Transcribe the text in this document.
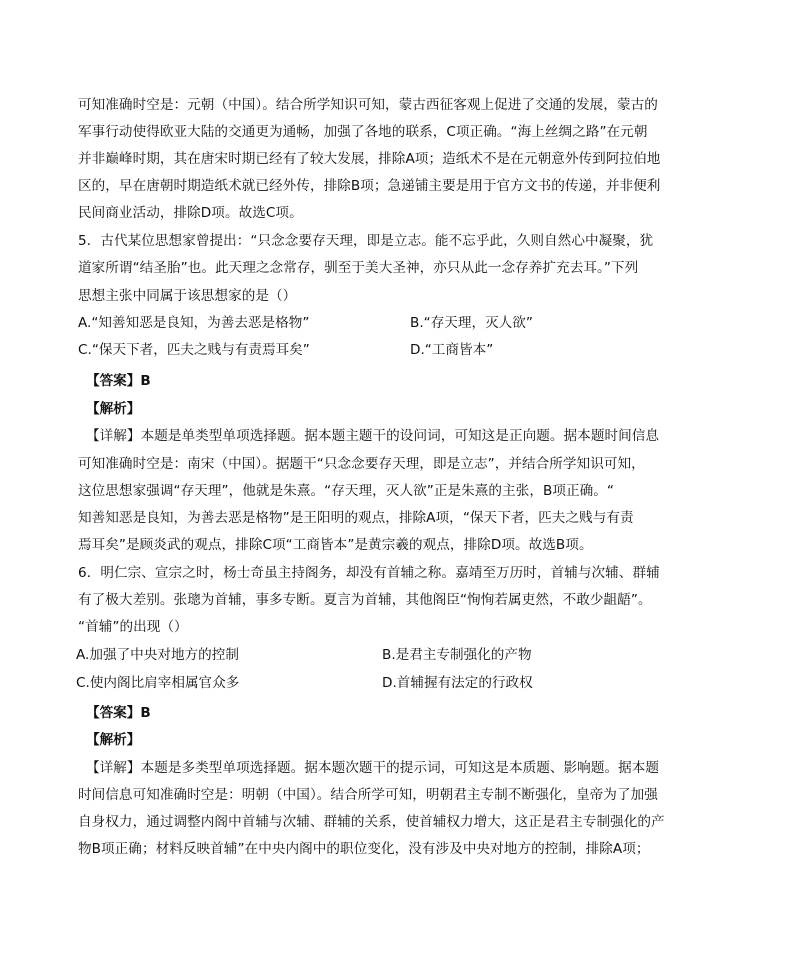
可知准确时空是：元朝（中国）。结合所学知识可知，蒙古西征客观上促进了交通的发展，蒙古的
军事行动使得欧亚大陆的交通更为通畅，加强了各地的联系，C项正确。“海上丝绸之路”在元朝
并非巅峰时期，其在唐宋时期已经有了较大发展，排除A项；造纸术不是在元朝意外传到阿拉伯地
区的，早在唐朝时期造纸术就已经外传，排除B项；急递铺主要是用于官方文书的传递，并非便利
民间商业活动，排除D项。故选C项。
5．古代某位思想家曾提出：“只念念要存天理，即是立志。能不忘乎此，久则自然心中凝聚，犹
道家所谓“结圣胎”也。此天理之念常存，驯至于美大圣神，亦只从此一念存养扩充去耳。”下列
思想主张中同属于该思想家的是（）
A.“知善知恶是良知，为善去恶是格物”	B.“存天理，灭人欲”
C.“保天下者，匹夫之贱与有责焉耳矣”	D.“工商皆本”
【答案】B
【解析】
【详解】本题是单类型单项选择题。据本题主题干的设问词，可知这是正向题。据本题时间信息
可知准确时空是：南宋（中国）。据题干“只念念要存天理，即是立志”，并结合所学知识可知，
这位思想家强调“存天理”，他就是朱熹。“存天理，灭人欲”正是朱熹的主张，B项正确。“
知善知恶是良知，为善去恶是格物”是王阳明的观点，排除A项，“保天下者，匹夫之贱与有责
焉耳矣”是顾炎武的观点，排除C项“工商皆本”是黄宗羲的观点，排除D项。故选B项。
6．明仁宗、宣宗之时，杨士奇虽主持阁务，却没有首辅之称。嘉靖至万历时，首辅与次辅、群辅
有了极大差别。张璁为首辅，事多专断。夏言为首辅，其他阁臣“恂恂若属吏然，不敢少龃龉”。
“首辅”的出现（）
A.加强了中央对地方的控制	B.是君主专制强化的产物
C.使内阁比肩宰相属官众多	D.首辅握有法定的行政权
【答案】B
【解析】
【详解】本题是多类型单项选择题。据本题次题干的提示词，可知这是本质题、影响题。据本题
时间信息可知准确时空是：明朝（中国）。结合所学可知，明朝君主专制不断强化，皇帝为了加强
自身权力，通过调整内阁中首辅与次辅、群辅的关系，使首辅权力增大，这正是君主专制强化的产
物B项正确；材料反映首辅”在中央内阁中的职位变化，没有涉及中央对地方的控制，排除A项；
